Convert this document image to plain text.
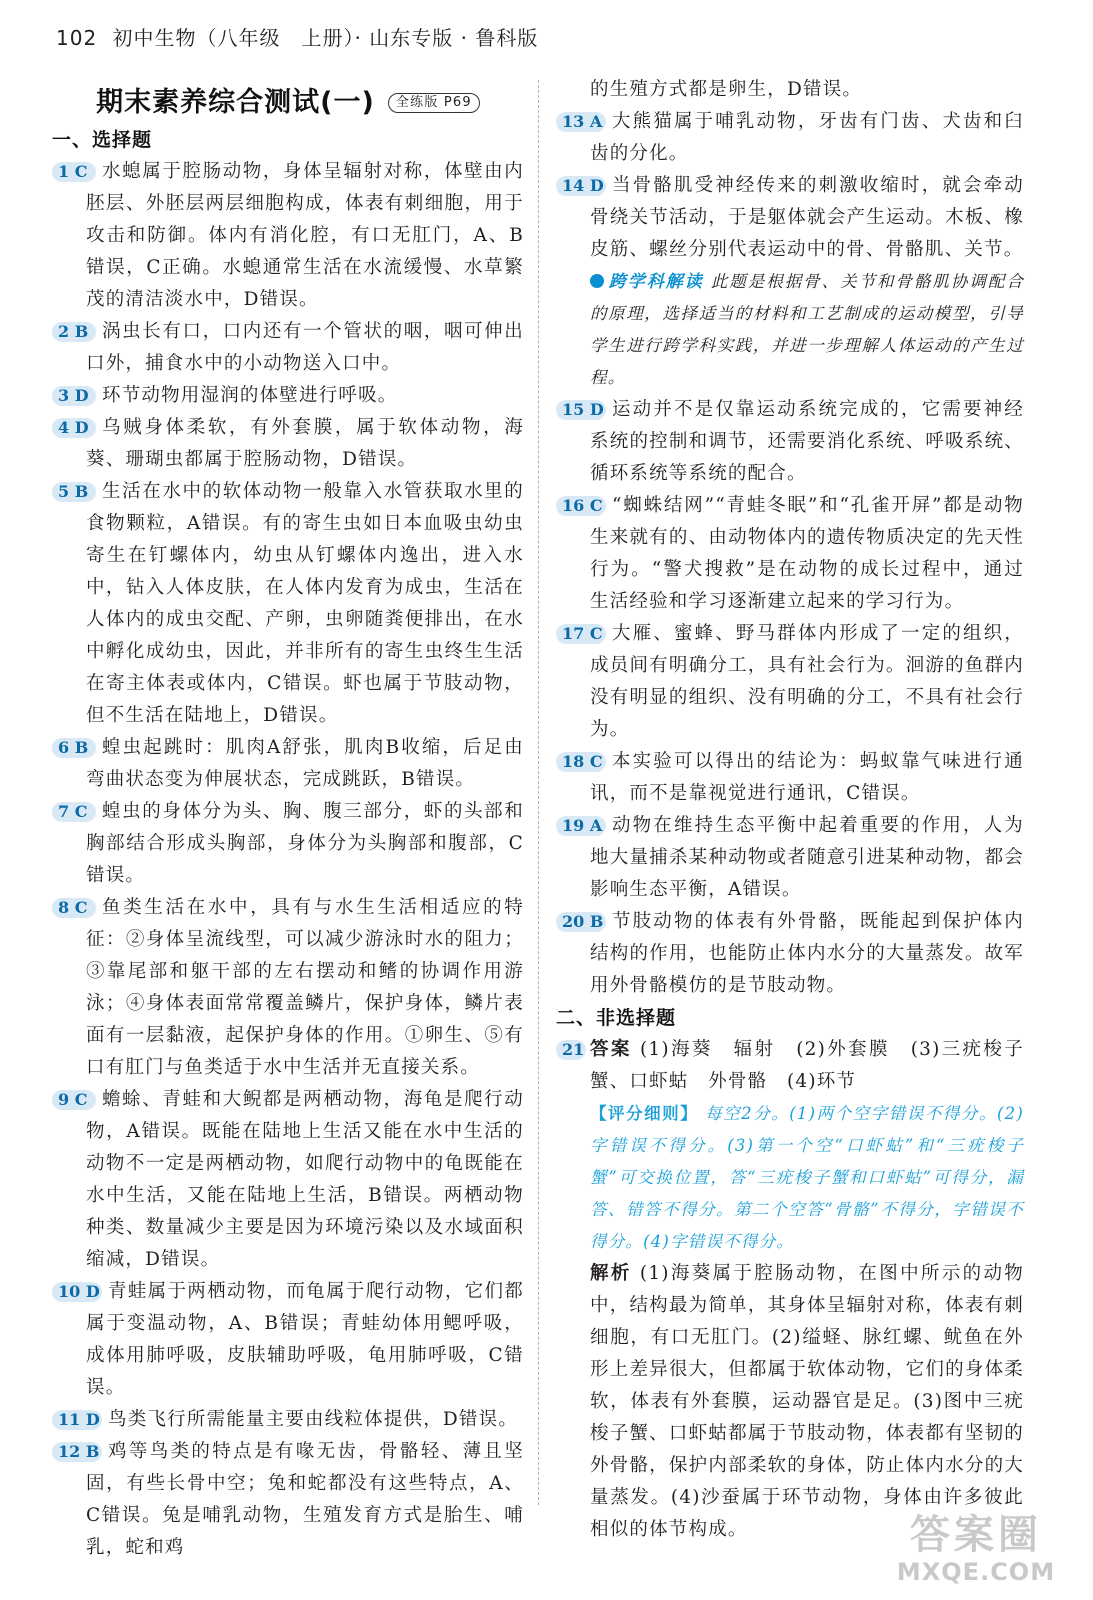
102 初中生物（八年级　上册）· 山东专版 · 鲁科版
期末素养综合测试(一) 全练版 P69
一、选择题
1 C 水螅属于腔肠动物，身体呈辐射对称，体壁由内胚层、外胚层两层细胞构成，体表有刺细胞，用于攻击和防御。体内有消化腔，有口无肛门，A、B错误，C正确。水螅通常生活在水流缓慢、水草繁茂的清洁淡水中，D错误。
2 B 涡虫长有口，口内还有一个管状的咽，咽可伸出口外，捕食水中的小动物送入口中。
3 D 环节动物用湿润的体壁进行呼吸。
4 D 乌贼身体柔软，有外套膜，属于软体动物，海葵、珊瑚虫都属于腔肠动物，D错误。
5 B 生活在水中的软体动物一般靠入水管获取水里的食物颗粒，A错误。有的寄生虫如日本血吸虫幼虫寄生在钉螺体内，幼虫从钉螺体内逸出，进入水中，钻入人体皮肤，在人体内发育为成虫，生活在人体内的成虫交配、产卵，虫卵随粪便排出，在水中孵化成幼虫，因此，并非所有的寄生虫终生生活在寄主体表或体内，C错误。虾也属于节肢动物，但不生活在陆地上，D错误。
6 B 蝗虫起跳时：肌肉A舒张，肌肉B收缩，后足由弯曲状态变为伸展状态，完成跳跃，B错误。
7 C 蝗虫的身体分为头、胸、腹三部分，虾的头部和胸部结合形成头胸部，身体分为头胸部和腹部，C错误。
8 C 鱼类生活在水中，具有与水生生活相适应的特征：②身体呈流线型，可以减少游泳时水的阻力；③靠尾部和躯干部的左右摆动和鳍的协调作用游泳；④身体表面常常覆盖鳞片，保护身体，鳞片表面有一层黏液，起保护身体的作用。①卵生、⑤有口有肛门与鱼类适于水中生活并无直接关系。
9 C 蟾蜍、青蛙和大鲵都是两栖动物，海龟是爬行动物，A错误。既能在陆地上生活又能在水中生活的动物不一定是两栖动物，如爬行动物中的龟既能在水中生活，又能在陆地上生活，B错误。两栖动物种类、数量减少主要是因为环境污染以及水域面积缩减，D错误。
10 D 青蛙属于两栖动物，而龟属于爬行动物，它们都属于变温动物，A、B错误；青蛙幼体用鳃呼吸，成体用肺呼吸，皮肤辅助呼吸，龟用肺呼吸，C错误。
11 D 鸟类飞行所需能量主要由线粒体提供，D错误。
12 B 鸡等鸟类的特点是有喙无齿，骨骼轻、薄且坚固，有些长骨中空；兔和蛇都没有这些特点，A、C错误。兔是哺乳动物，生殖发育方式是胎生、哺乳，蛇和鸡
的生殖方式都是卵生，D错误。
13 A 大熊猫属于哺乳动物，牙齿有门齿、犬齿和臼齿的分化。
14 D 当骨骼肌受神经传来的刺激收缩时，就会牵动骨绕关节活动，于是躯体就会产生运动。木板、橡皮筋、螺丝分别代表运动中的骨、骨骼肌、关节。
跨学科解读 此题是根据骨、关节和骨骼肌协调配合的原理，选择适当的材料和工艺制成的运动模型，引导学生进行跨学科实践，并进一步理解人体运动的产生过程。
15 D 运动并不是仅靠运动系统完成的，它需要神经系统的控制和调节，还需要消化系统、呼吸系统、循环系统等系统的配合。
16 C “蜘蛛结网”“青蛙冬眠”和“孔雀开屏”都是动物生来就有的、由动物体内的遗传物质决定的先天性行为。“警犬搜救”是在动物的成长过程中，通过生活经验和学习逐渐建立起来的学习行为。
17 C 大雁、蜜蜂、野马群体内形成了一定的组织，成员间有明确分工，具有社会行为。洄游的鱼群内没有明显的组织、没有明确的分工，不具有社会行为。
18 C 本实验可以得出的结论为：蚂蚁靠气味进行通讯，而不是靠视觉进行通讯，C错误。
19 A 动物在维持生态平衡中起着重要的作用，人为地大量捕杀某种动物或者随意引进某种动物，都会影响生态平衡，A错误。
20 B 节肢动物的体表有外骨骼，既能起到保护体内结构的作用，也能防止体内水分的大量蒸发。故军用外骨骼模仿的是节肢动物。
二、非选择题
21 答案 (1)海葵　辐射　(2)外套膜　(3)三疣梭子蟹、口虾蛄　外骨骼　(4)环节
【评分细则】 每空2分。(1)两个空字错误不得分。(2)字错误不得分。(3)第一个空“口虾蛄”和“三疣梭子蟹”可交换位置，答“三疣梭子蟹和口虾蛄”可得分，漏答、错答不得分。第二个空答“骨骼”不得分，字错误不得分。(4)字错误不得分。
解析 (1)海葵属于腔肠动物，在图中所示的动物中，结构最为简单，其身体呈辐射对称，体表有刺细胞，有口无肛门。(2)缢蛏、脉红螺、鱿鱼在外形上差异很大，但都属于软体动物，它们的身体柔软，体表有外套膜，运动器官是足。(3)图中三疣梭子蟹、口虾蛄都属于节肢动物，体表都有坚韧的外骨骼，保护内部柔软的身体，防止体内水分的大量蒸发。(4)沙蚕属于环节动物，身体由许多彼此相似的体节构成。	答案圈
MXQE.COM
